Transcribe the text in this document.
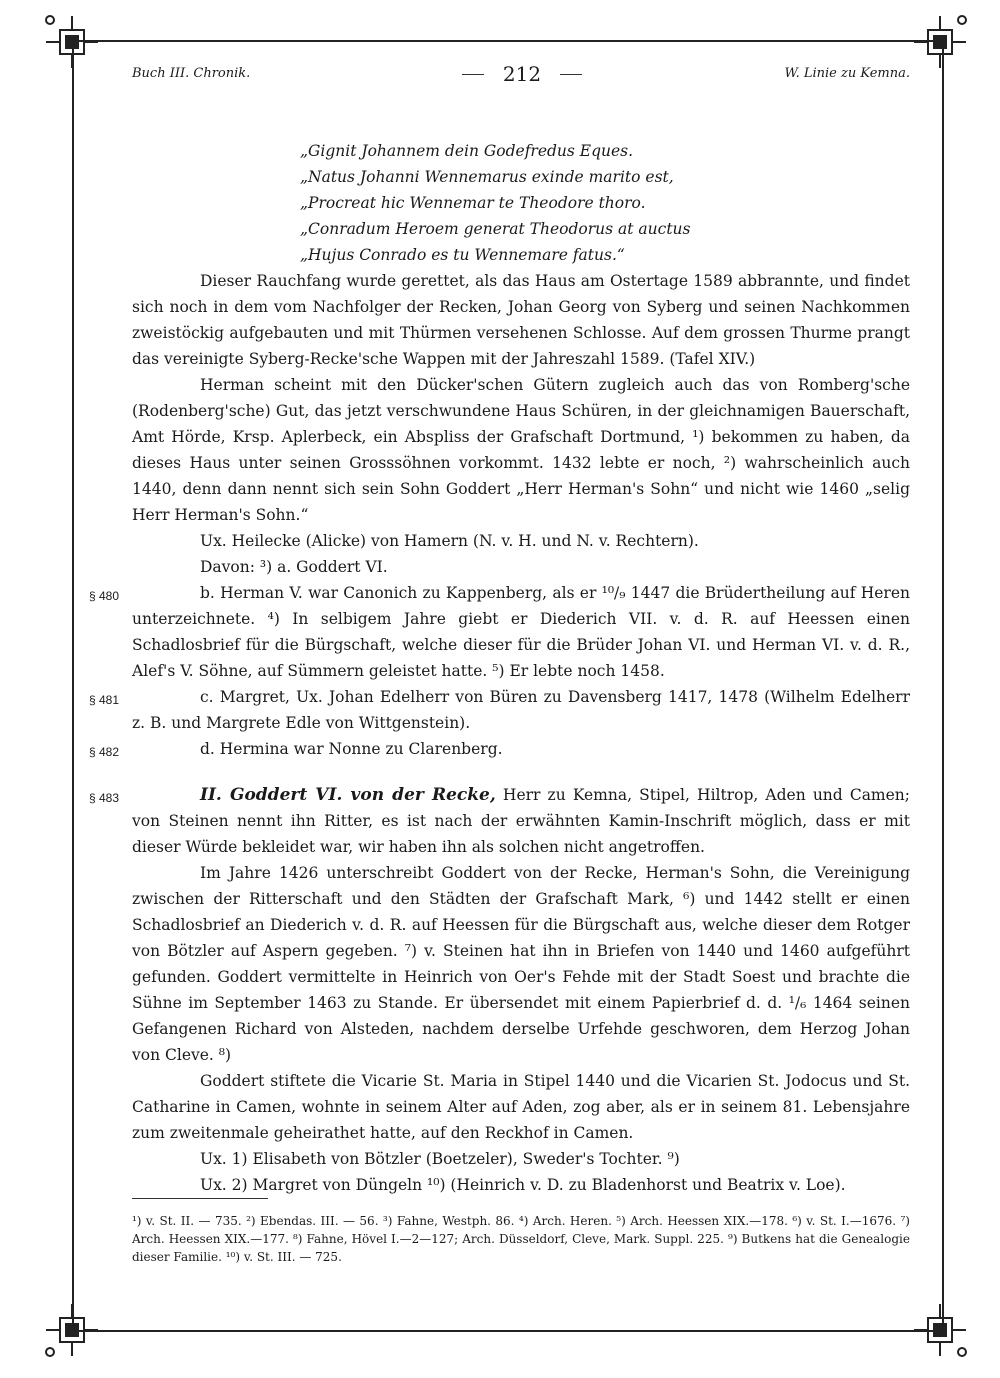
Buch III. Chronik.	212	W. Linie zu Kemna.

„Gignit Johannem dein Godefredus Eques.

„Natus Johanni Wennemarus exinde marito est,

„Procreat hic Wennemar te Theodore thoro.

„Conradum Heroem generat Theodorus at auctus

„Hujus Conrado es tu Wennemare fatus.“

Dieser Rauchfang wurde gerettet, als das Haus am Ostertage 1589 abbrannte, und findet sich noch in dem vom Nachfolger der Recken, Johan Georg von Syberg und seinen Nachkommen zweistöckig aufgebauten und mit Thürmen versehenen Schlosse. Auf dem grossen Thurme prangt das vereinigte Syberg-Recke'sche Wappen mit der Jahreszahl 1589. (Tafel XIV.)

Herman scheint mit den Dücker'schen Gütern zugleich auch das von Romberg'sche (Rodenberg'sche) Gut, das jetzt verschwundene Haus Schüren, in der gleichnamigen Bauerschaft, Amt Hörde, Krsp. Aplerbeck, ein Abspliss der Grafschaft Dortmund, ¹) bekommen zu haben, da dieses Haus unter seinen Grosssöhnen vorkommt. 1432 lebte er noch, ²) wahrscheinlich auch 1440, denn dann nennt sich sein Sohn Goddert „Herr Herman's Sohn“ und nicht wie 1460 „selig Herr Herman's Sohn.“

Ux. Heilecke (Alicke) von Hamern (N. v. H. und N. v. Rechtern).

Davon: ³) a. Goddert VI.

§ 480	b. Herman V. war Canonich zu Kappenberg, als er ¹⁰/₉ 1447 die Brüdertheilung auf Heren unterzeichnete. ⁴) In selbigem Jahre giebt er Diederich VII. v. d. R. auf Heessen einen Schadlosbrief für die Bürgschaft, welche dieser für die Brüder Johan VI. und Herman VI. v. d. R., Alef's V. Söhne, auf Sümmern geleistet hatte. ⁵) Er lebte noch 1458.

§ 481	c. Margret, Ux. Johan Edelherr von Büren zu Davensberg 1417, 1478 (Wilhelm Edelherr z. B. und Margrete Edle von Wittgenstein).

§ 482	d. Hermina war Nonne zu Clarenberg.

§ 483	II. Goddert VI. von der Recke, Herr zu Kemna, Stipel, Hiltrop, Aden und Camen; von Steinen nennt ihn Ritter, es ist nach der erwähnten Kamin-Inschrift möglich, dass er mit dieser Würde bekleidet war, wir haben ihn als solchen nicht angetroffen.

Im Jahre 1426 unterschreibt Goddert von der Recke, Herman's Sohn, die Vereinigung zwischen der Ritterschaft und den Städten der Grafschaft Mark, ⁶) und 1442 stellt er einen Schadlosbrief an Diederich v. d. R. auf Heessen für die Bürgschaft aus, welche dieser dem Rotger von Bötzler auf Aspern gegeben. ⁷) v. Steinen hat ihn in Briefen von 1440 und 1460 aufgeführt gefunden. Goddert vermittelte in Heinrich von Oer's Fehde mit der Stadt Soest und brachte die Sühne im September 1463 zu Stande. Er übersendet mit einem Papierbrief d. d. ¹/₆ 1464 seinen Gefangenen Richard von Alsteden, nachdem derselbe Urfehde geschworen, dem Herzog Johan von Cleve. ⁸)

Goddert stiftete die Vicarie St. Maria in Stipel 1440 und die Vicarien St. Jodocus und St. Catharine in Camen, wohnte in seinem Alter auf Aden, zog aber, als er in seinem 81. Lebensjahre zum zweitenmale geheirathet hatte, auf den Reckhof in Camen.

Ux. 1) Elisabeth von Bötzler (Boetzeler), Sweder's Tochter. ⁹)

Ux. 2) Margret von Düngeln ¹⁰) (Heinrich v. D. zu Bladenhorst und Beatrix v. Loe).

¹) v. St. II. — 735. ²) Ebendas. III. — 56. ³) Fahne, Westph. 86. ⁴) Arch. Heren. ⁵) Arch. Heessen XIX.—178. ⁶) v. St. I.—1676. ⁷) Arch. Heessen XIX.—177. ⁸) Fahne, Hövel I.—2—127; Arch. Düsseldorf, Cleve, Mark. Suppl. 225. ⁹) Butkens hat die Genealogie dieser Familie. ¹⁰) v. St. III. — 725.
